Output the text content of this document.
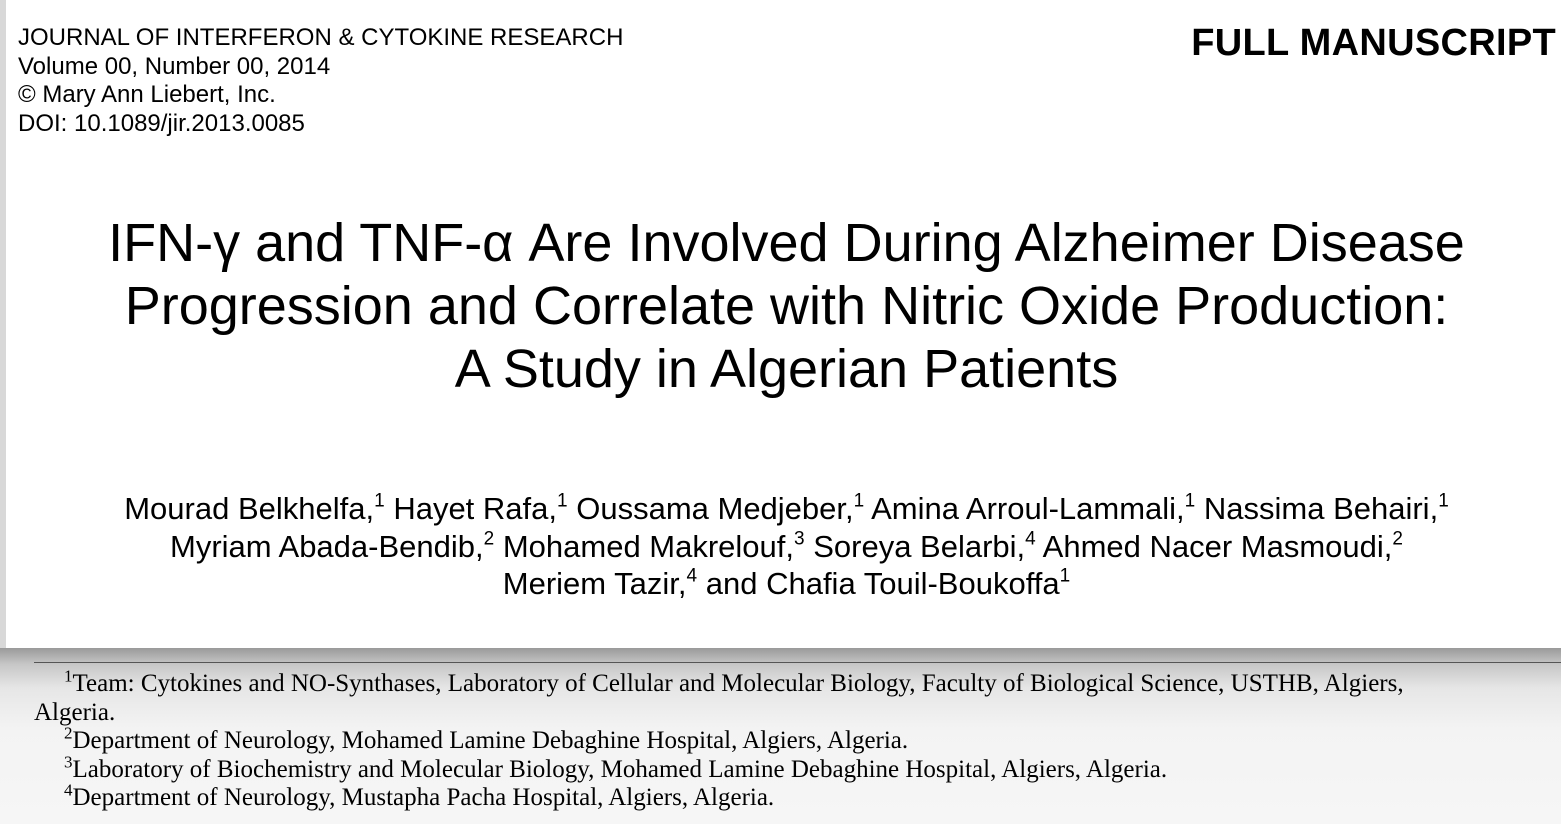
JOURNAL OF INTERFERON & CYTOKINE RESEARCH
Volume 00, Number 00, 2014
© Mary Ann Liebert, Inc.
DOI: 10.1089/jir.2013.0085
FULL MANUSCRIPT
IFN-γ and TNF-α Are Involved During Alzheimer Disease
Progression and Correlate with Nitric Oxide Production:
A Study in Algerian Patients
Mourad Belkhelfa,$^1$ Hayet Rafa,$^1$ Oussama Medjeber,$^1$ Amina Arroul-Lammali,$^1$ Nassima Behairi,$^1$
Myriam Abada-Bendib,$^2$ Mohamed Makrelouf,$^3$ Soreya Belarbi,$^4$ Ahmed Nacer Masmoudi,$^2$
Meriem Tazir,$^4$ and Chafia Touil-Boukoffa$^1$
$^1$Team: Cytokines and NO-Synthases, Laboratory of Cellular and Molecular Biology, Faculty of Biological Science, USTHB, Algiers,
Algeria.
$^2$Department of Neurology, Mohamed Lamine Debaghine Hospital, Algiers, Algeria.
$^3$Laboratory of Biochemistry and Molecular Biology, Mohamed Lamine Debaghine Hospital, Algiers, Algeria.
$^4$Department of Neurology, Mustapha Pacha Hospital, Algiers, Algeria.
